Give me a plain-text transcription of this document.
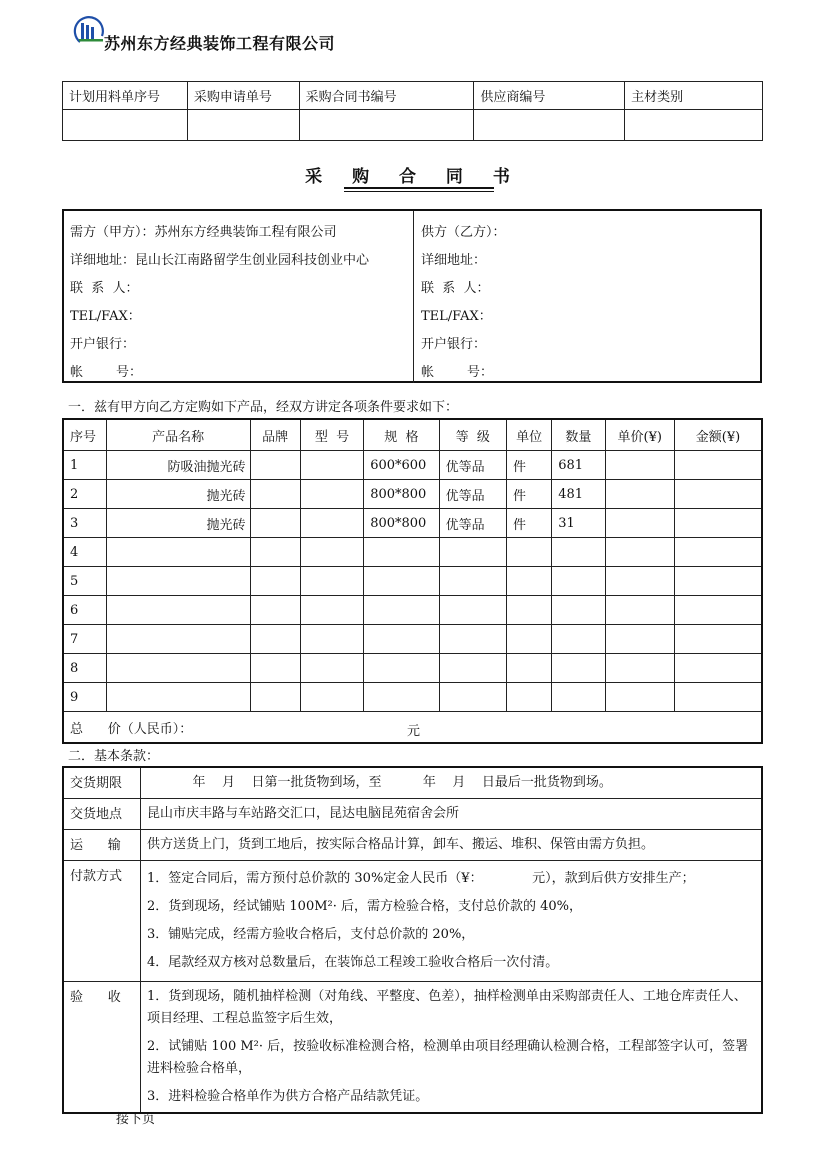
苏州东方经典装饰工程有限公司
计划用料单序号	采购申请单号	采购合同书编号	供应商编号	主材类别

采 购 合 同 书
需方（甲方）：苏州东方经典装饰工程有限公司
详细地址：昆山长江南路留学生创业园科技创业中心
联  系  人：
TEL/FAX：
开户银行：
帐        号：
供方（乙方）：
详细地址：
联  系  人：
TEL/FAX：
开户银行：
帐        号：
一．兹有甲方向乙方定购如下产品，经双方讲定各项条件要求如下：
序号	产品名称	品牌	型  号	规  格	等  级	单位	数量	单价(¥)	金额(¥)
1	防吸油抛光砖			600*600	优等品	件	681		
2	抛光砖			800*800	优等品	件	481		
3	抛光砖			800*800	优等品	件	31		
4									
5									
6									
7									
8									
9									
总      价（人民币）： 元									
二．基本条款：
交货期限	年    月    日第一批货物到场，至          年    月    日最后一批货物到场。

交货地点	昆山市庆丰路与车站路交汇口，昆达电脑昆苑宿舍会所

运      输	供方送货上门，货到工地后，按实际合格品计算，卸车、搬运、堆积、保管由需方负担。

付款方式	1．签定合同后，需方预付总价款的 30%定金人民币（¥：            元），款到后供方安排生产；
2．货到现场，经试铺贴 100M²· 后，需方检验合格，支付总价款的 40%，
3．铺贴完成，经需方验收合格后，支付总价款的 20%，
4．尾款经双方核对总数量后，在装饰总工程竣工验收合格后一次付清。

验      收	1．货到现场，随机抽样检测（对角线、平整度、色差），抽样检测单由采购部责任人、工地仓库责任人、项目经理、工程总监签字后生效，
2．试铺贴 100 M²· 后，按验收标准检测合格，检测单由项目经理确认检测合格，工程部签字认可，签署进料检验合格单，
3．进料检验合格单作为供方合格产品结款凭证。
接下页
